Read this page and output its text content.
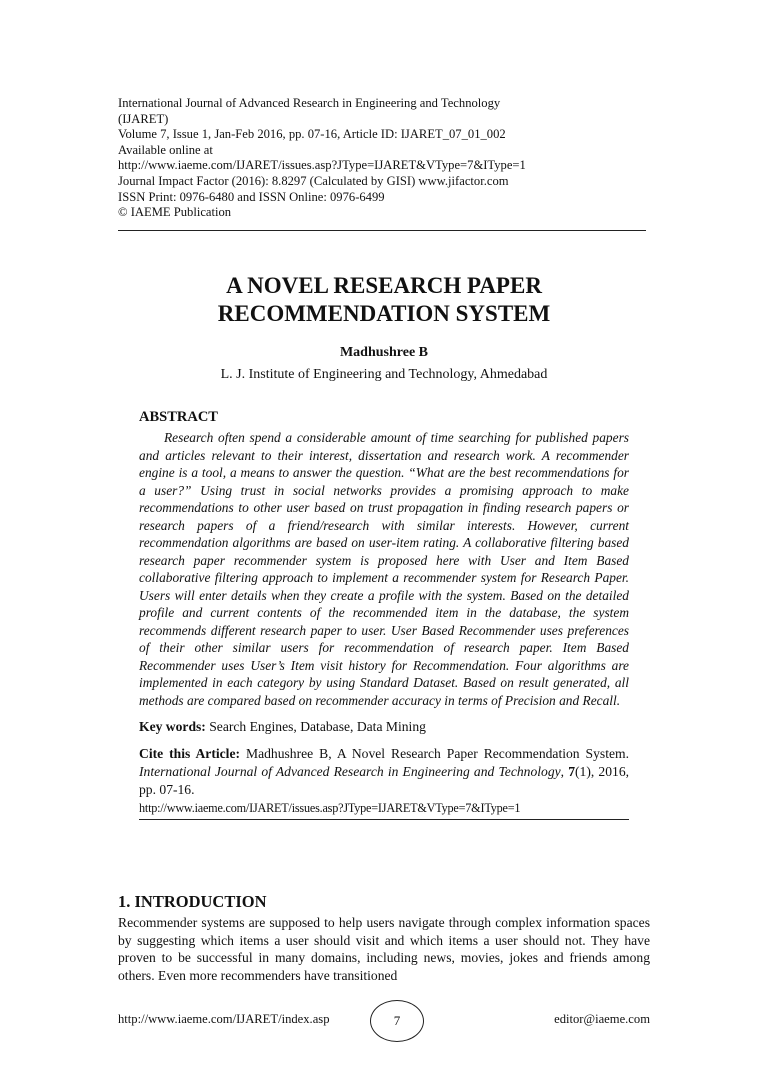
International Journal of Advanced Research in Engineering and Technology
(IJARET)
Volume 7, Issue 1, Jan-Feb 2016, pp. 07-16, Article ID: IJARET_07_01_002
Available online at
http://www.iaeme.com/IJARET/issues.asp?JType=IJARET&VType=7&IType=1
Journal Impact Factor (2016): 8.8297 (Calculated by GISI) www.jifactor.com
ISSN Print: 0976-6480 and ISSN Online: 0976-6499
© IAEME Publication
A NOVEL RESEARCH PAPER
RECOMMENDATION SYSTEM
Madhushree B
L. J. Institute of Engineering and Technology, Ahmedabad
ABSTRACT
Research often spend a considerable amount of time searching for published papers and articles relevant to their interest, dissertation and research work. A recommender engine is a tool, a means to answer the question. “What are the best recommendations for a user?” Using trust in social networks provides a promising approach to make recommendations to other user based on trust propagation in finding research papers or research papers of a friend/research with similar interests. However, current recommendation algorithms are based on user-item rating. A collaborative filtering based research paper recommender system is proposed here with User and Item Based collaborative filtering approach to implement a recommender system for Research Paper. Users will enter details when they create a profile with the system. Based on the detailed profile and current contents of the recommended item in the database, the system recommends different research paper to user. User Based Recommender uses preferences of their other similar users for recommendation of research paper. Item Based Recommender uses User’s Item visit history for Recommendation. Four algorithms are implemented in each category by using Standard Dataset. Based on result generated, all methods are compared based on recommender accuracy in terms of Precision and Recall.
Key words: Search Engines, Database, Data Mining
Cite this Article: Madhushree B, A Novel Research Paper Recommendation System. International Journal of Advanced Research in Engineering and Technology, 7(1), 2016, pp. 07-16.
http://www.iaeme.com/IJARET/issues.asp?JType=IJARET&VType=7&IType=1
1. INTRODUCTION
Recommender systems are supposed to help users navigate through complex information spaces by suggesting which items a user should visit and which items a user should not. They have proven to be successful in many domains, including news, movies, jokes and friends among others. Even more recommenders have transitioned
http://www.iaeme.com/IJARET/index.asp	7	editor@iaeme.com
